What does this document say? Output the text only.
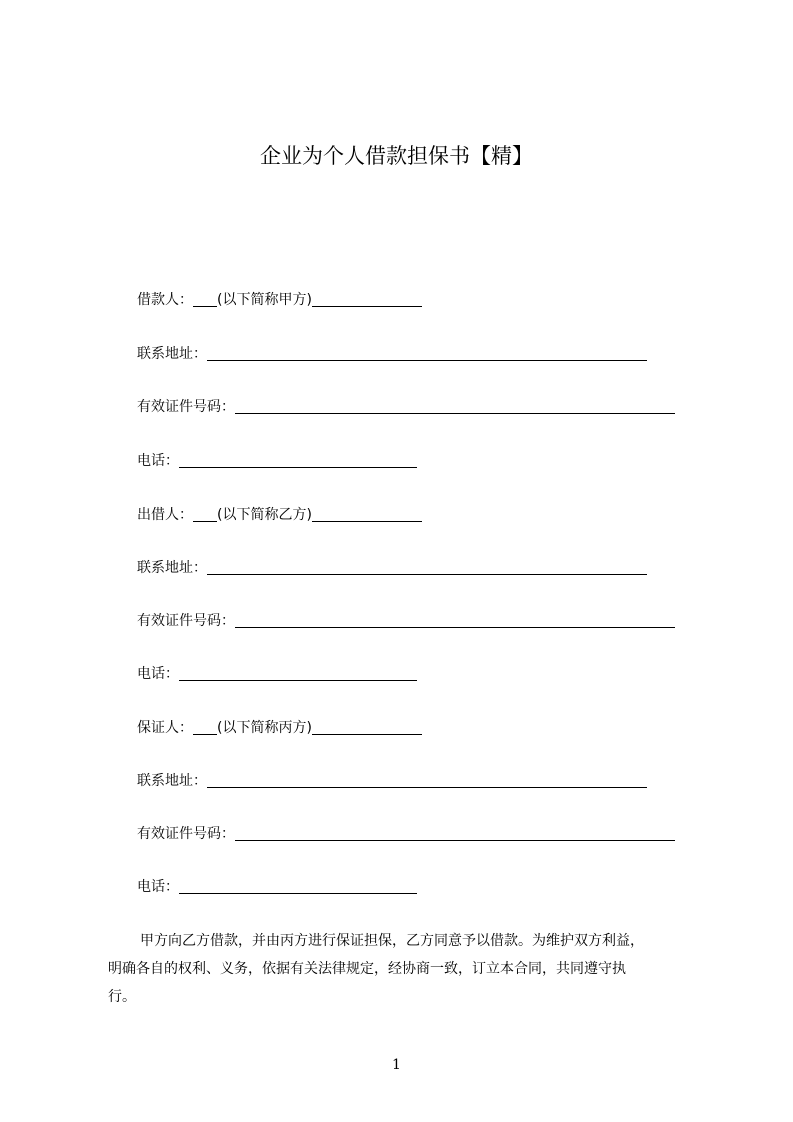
企业为个人借款担保书【精】
借款人： (以下简称甲方)
联系地址：
有效证件号码：
电话：
出借人： (以下简称乙方)
联系地址：
有效证件号码：
电话：
保证人： (以下简称丙方)
联系地址：
有效证件号码：
电话：
甲方向乙方借款，并由丙方进行保证担保，乙方同意予以借款。为维护双方利益，
明确各自的权利、义务，依据有关法律规定，经协商一致，订立本合同，共同遵守执
行。
1
